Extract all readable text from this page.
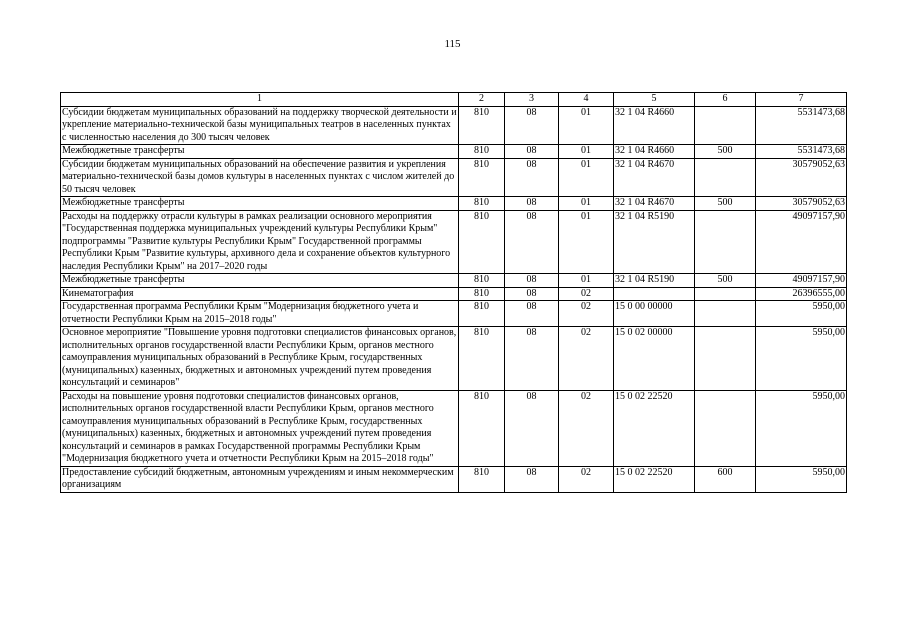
115
1	2	3	4	5	6	7
Субсидии бюджетам муниципальных образований на поддержку творческой деятельности и укрепление материально-технической базы муниципальных театров в населенных пунктах с численностью населения до 300 тысяч человек	810	08	01	32 1 04 R4660		5531473,68
Межбюджетные трансферты	810	08	01	32 1 04 R4660	500	5531473,68
Субсидии бюджетам муниципальных образований на обеспечение развития и укрепления материально-технической базы домов культуры в населенных пунктах с числом жителей до 50 тысяч человек	810	08	01	32 1 04 R4670		30579052,63
Межбюджетные трансферты	810	08	01	32 1 04 R4670	500	30579052,63
Расходы на поддержку отрасли культуры в рамках реализации основного мероприятия "Государственная поддержка муниципальных учреждений культуры Республики Крым" подпрограммы "Развитие культуры Республики Крым" Государственной программы Республики Крым "Развитие культуры, архивного дела и сохранение объектов культурного наследия Республики Крым" на 2017–2020 годы	810	08	01	32 1 04 R5190		49097157,90
Межбюджетные трансферты	810	08	01	32 1 04 R5190	500	49097157,90
Кинематография	810	08	02			26396555,00
Государственная программа Республики Крым "Модернизация бюджетного учета и отчетности Республики Крым на 2015–2018 годы"	810	08	02	15 0 00 00000		5950,00
Основное мероприятие "Повышение уровня подготовки специалистов финансовых органов, исполнительных органов государственной власти Республики Крым, органов местного самоуправления муниципальных образований в Республике Крым, государственных (муниципальных) казенных, бюджетных и автономных учреждений путем проведения консультаций и семинаров"	810	08	02	15 0 02 00000		5950,00
Расходы на повышение уровня подготовки специалистов финансовых органов, исполнительных органов государственной власти Республики Крым, органов местного самоуправления муниципальных образований в Республике Крым, государственных (муниципальных) казенных, бюджетных и автономных учреждений путем проведения консультаций и семинаров в рамках Государственной программы Республики Крым "Модернизация бюджетного учета и отчетности Республики Крым на 2015–2018 годы"	810	08	02	15 0 02 22520		5950,00
Предоставление субсидий бюджетным, автономным учреждениям и иным некоммерческим организациям	810	08	02	15 0 02 22520	600	5950,00
